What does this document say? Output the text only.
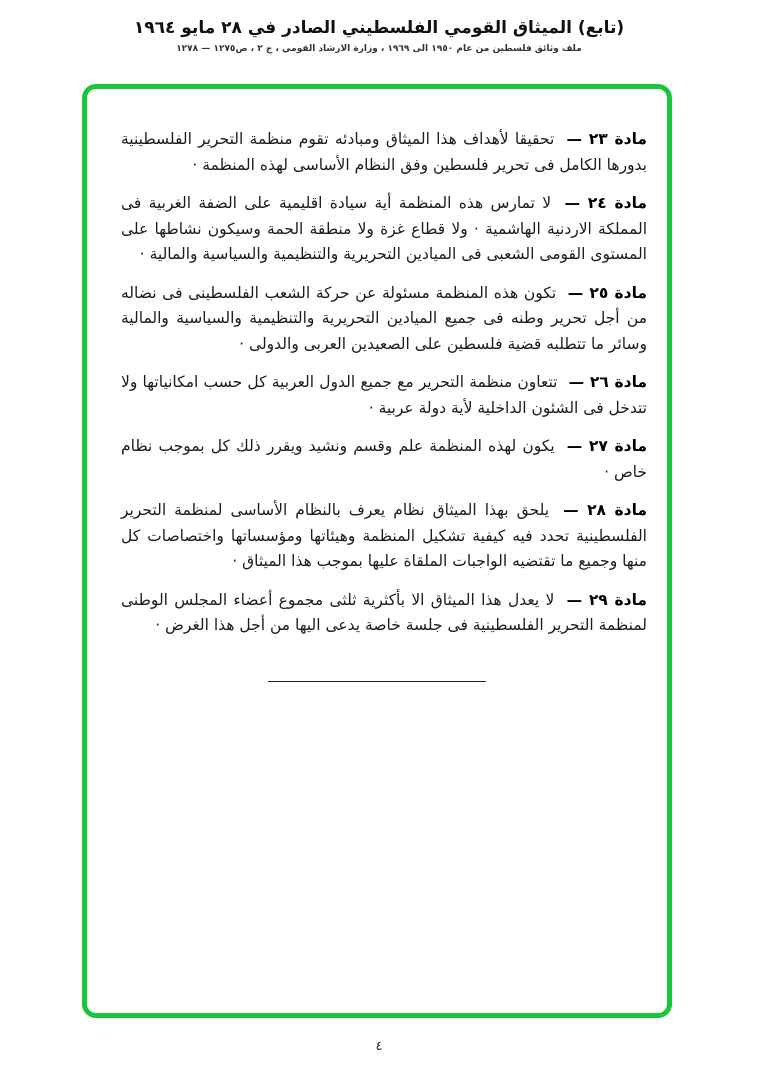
(تابع) الميثاق القومي الفلسطيني الصادر في ٢٨ مايو ١٩٦٤
ملف وثائق فلسطين من عام ١٩٥٠ الى ١٩٦٩ ، وزارة الارشاد القومي ، ج ٢ ، ص١٢٧٥ — ١٢٧٨

مادة ٢٣ — تحقيقا لأهداف هذا الميثاق ومبادئه تقوم منظمة التحرير الفلسطينية بدورها الكامل فى تحرير فلسطين وفق النظام الأساسى لهذه المنظمة ·

مادة ٢٤ — لا تمارس هذه المنظمة أية سيادة اقليمية على الضفة الغربية فى المملكة الاردنية الهاشمية · ولا قطاع غزة ولا منطقة الحمة وسيكون نشاطها على المستوى القومى الشعبى فى الميادين التحريرية والتنظيمية والسياسية والمالية ·

مادة ٢٥ — تكون هذه المنظمة مسئولة عن حركة الشعب الفلسطينى فى نضاله من أجل تحرير وطنه فى جميع الميادين التحريرية والتنظيمية والسياسية والمالية وسائر ما تتطلبه قضية فلسطين على الصعيدين العربى والدولى ·

مادة ٢٦ — تتعاون منظمة التحرير مع جميع الدول العربية كل حسب امكانياتها ولا تتدخل فى الشئون الداخلية لأية دولة عربية ·

مادة ٢٧ — يكون لهذه المنظمة علم وقسم ونشيد ويقرر ذلك كل بموجب نظام خاص ·

مادة ٢٨ — يلحق بهذا الميثاق نظام يعرف بالنظام الأساسى لمنظمة التحرير الفلسطينية تحدد فيه كيفية تشكيل المنظمة وهيئاتها ومؤسساتها واختصاصات كل منها وجميع ما تقتضيه الواجبات الملقاة عليها بموجب هذا الميثاق ·

مادة ٢٩ — لا يعدل هذا الميثاق الا بأكثرية ثلثى مجموع أعضاء المجلس الوطنى لمنظمة التحرير الفلسطينية فى جلسة خاصة يدعى اليها من أجل هذا الغرض ·

٤
